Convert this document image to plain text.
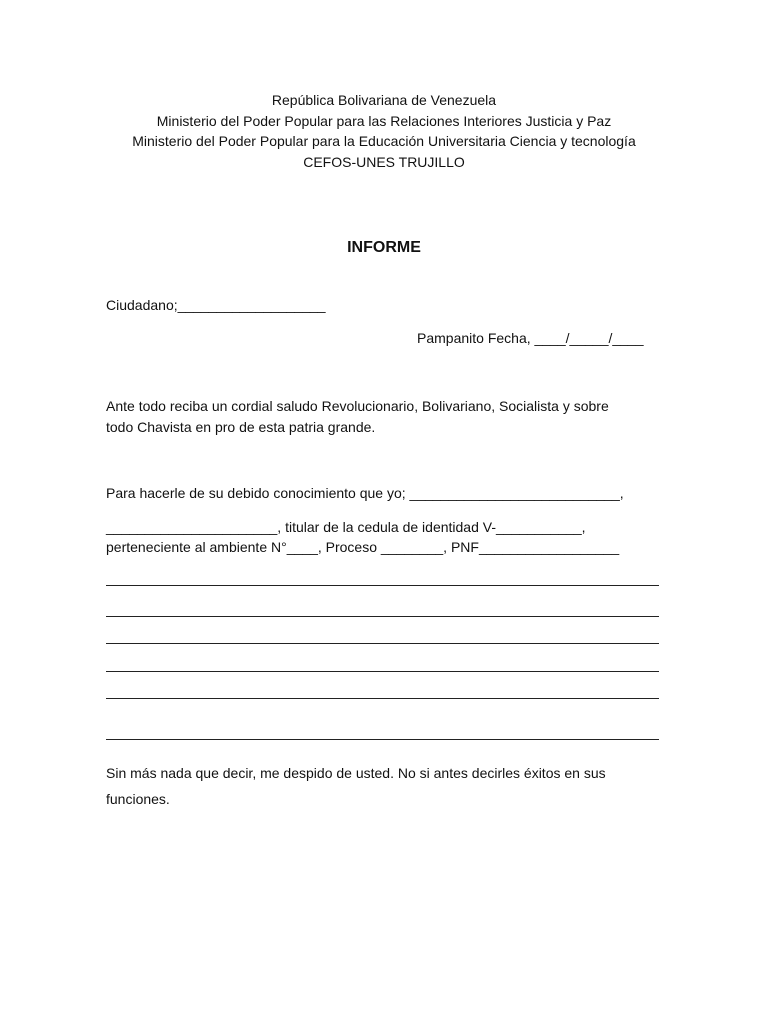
República Bolivariana de Venezuela
Ministerio del Poder Popular para las Relaciones Interiores Justicia y Paz
Ministerio del Poder Popular para la Educación Universitaria Ciencia y tecnología
CEFOS-UNES TRUJILLO
INFORME
Ciudadano;___________________
Pampanito Fecha, ____/_____/____
Ante todo reciba un cordial saludo Revolucionario, Bolivariano, Socialista y sobre
todo Chavista en pro de esta patria grande.
Para hacerle de su debido conocimiento que yo; ___________________________,
______________________, titular de la cedula de identidad V-___________,
perteneciente al ambiente N°____, Proceso ________, PNF__________________
Sin más nada que decir, me despido de usted. No si antes decirles éxitos en sus
funciones.
